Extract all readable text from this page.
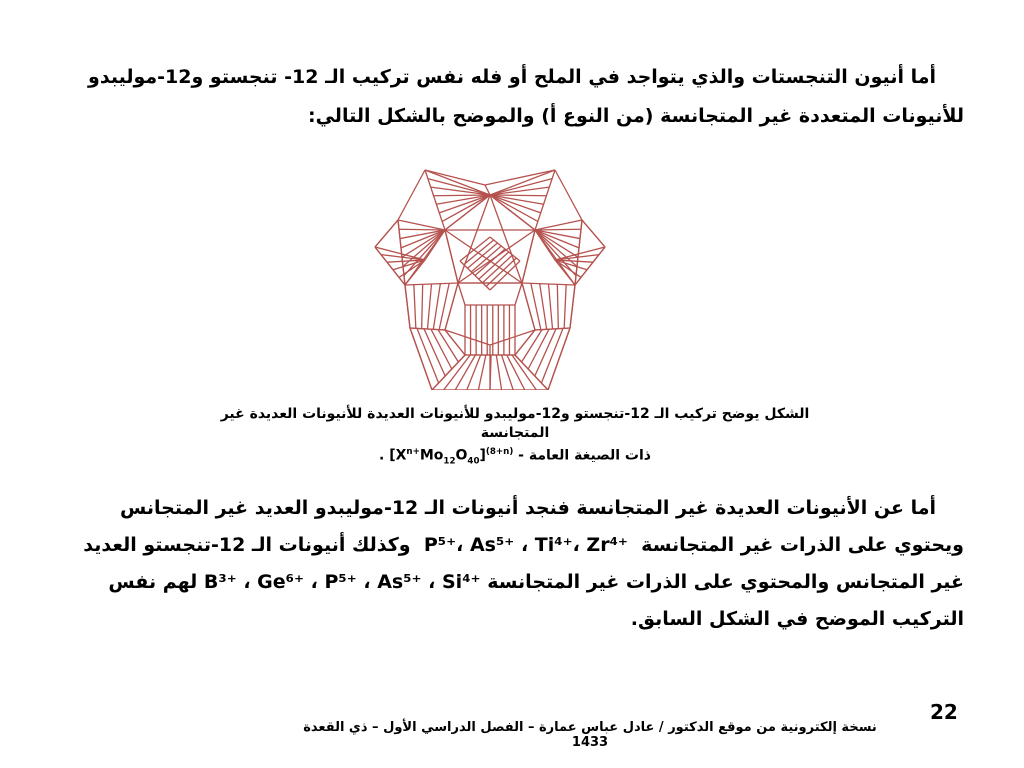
أما أنيون التنجستات والذي يتواجد في الملح أو فله نفس تركيب الـ 12- تنجستو و12-موليبدو
للأنيونات المتعددة غير المتجانسة (من النوع أ) والموضح بالشكل التالي:
الشكل يوضح تركيب الـ 12-تنجستو و12-موليبدو للأنيونات العديدة للأنيونات العديدة غير المتجانسة
ذات الصيغة العامة - $[X^{n+}Mo_{12}O_{40}]^{(8+n)}$ .
أما عن الأنيونات العديدة غير المتجانسة فنجد أنيونات الـ 12-موليبدو العديد غير المتجانس
ويحتوي على الذرات غير المتجانسة  P⁵⁺، As⁵⁺ ، Ti⁴⁺، Zr⁴⁺  وكذلك أنيونات الـ 12-تنجستو العديد
غير المتجانس والمحتوي على الذرات غير المتجانسة B³⁺ ، Ge⁶⁺ ، P⁵⁺ ، As⁵⁺ ، Si⁴⁺ لهم نفس
التركيب الموضح في الشكل السابق.
22
نسخة إلكترونية من موقع الدكتور / عادل عباس عمارة – الفصل الدراسي الأول – ذي القعدة 1433
